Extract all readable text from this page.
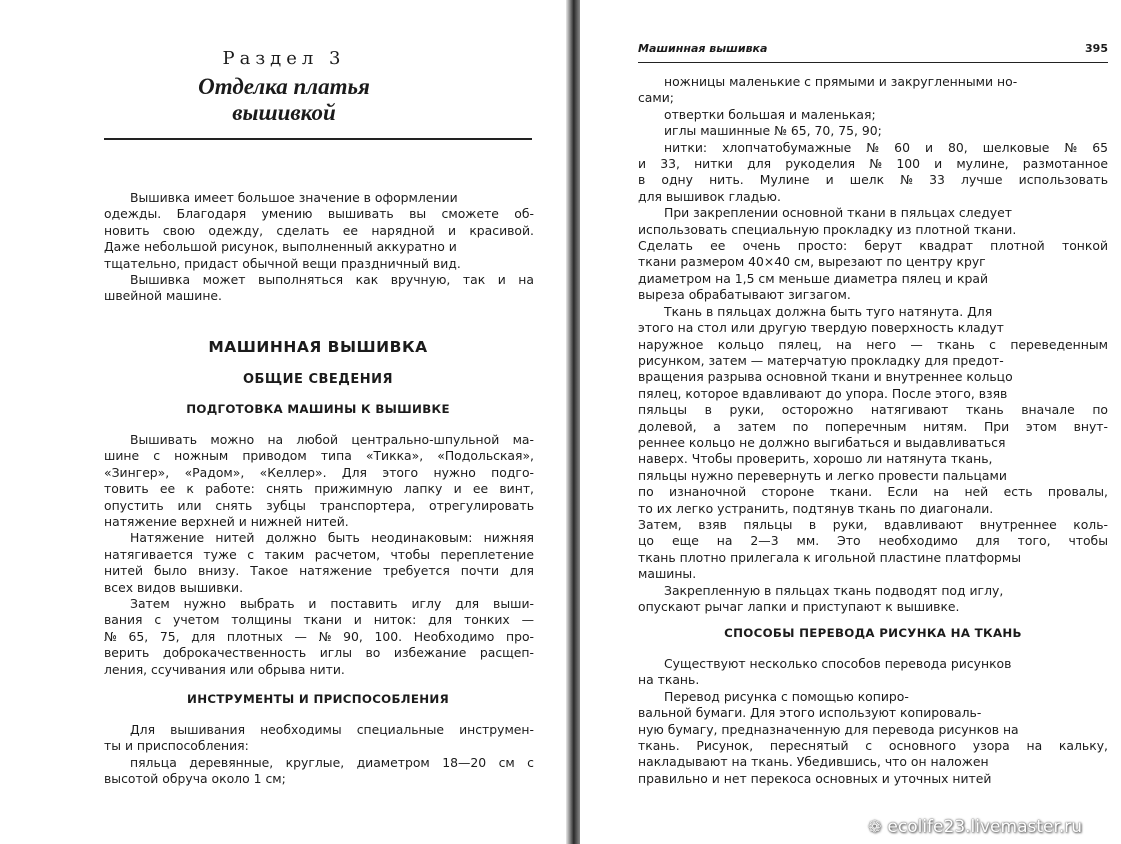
Раздел 3
Отделка платья
вышивкой

Вышивка имеет большое значение в оформлении
одежды. Благодаря умению вышивать вы сможете об-
новить свою одежду, сделать ее нарядной и красивой.
Даже небольшой рисунок, выполненный аккуратно и
тщательно, придаст обычной вещи праздничный вид.

Вышивка может выполняться как вручную, так и на
швейной машине.

МАШИННАЯ ВЫШИВКА
ОБЩИЕ СВЕДЕНИЯ
ПОДГОТОВКА МАШИНЫ К ВЫШИВКЕ

Вышивать можно на любой центрально-шпульной ма-
шине с ножным приводом типа «Тикка», «Подольская»,
«Зингер», «Радом», «Келлер». Для этого нужно подго-
товить ее к работе: снять прижимную лапку и ее винт,
опустить или снять зубцы транспортера, отрегулировать
натяжение верхней и нижней нитей.

Натяжение нитей должно быть неодинаковым: нижняя
натягивается туже с таким расчетом, чтобы переплетение
нитей было внизу. Такое натяжение требуется почти для
всех видов вышивки.

Затем нужно выбрать и поставить иглу для выши-
вания с учетом толщины ткани и ниток: для тонких —
№ 65, 75, для плотных — № 90, 100. Необходимо про-
верить доброкачественность иглы во избежание расщеп-
ления, ссучивания или обрыва нити.

ИНСТРУМЕНТЫ И ПРИСПОСОБЛЕНИЯ

Для вышивания необходимы специальные инструмен-
ты и приспособления:

пяльца деревянные, круглые, диаметром 18—20 см с
высотой обруча около 1 см;

Машинная вышивка	395

ножницы маленькие с прямыми и закругленными но-
сами;

отвертки большая и маленькая;

иглы машинные № 65, 70, 75, 90;

нитки: хлопчатобумажные № 60 и 80, шелковые № 65
и 33, нитки для рукоделия № 100 и мулине, размотанное
в одну нить. Мулине и шелк № 33 лучше использовать
для вышивок гладью.

При закреплении основной ткани в пяльцах следует
использовать специальную прокладку из плотной ткани.
Сделать ее очень просто: берут квадрат плотной тонкой
ткани размером 40×40 см, вырезают по центру круг
диаметром на 1,5 см меньше диаметра пялец и край
выреза обрабатывают зигзагом.

Ткань в пяльцах должна быть туго натянута. Для
этого на стол или другую твердую поверхность кладут
наружное кольцо пялец, на него — ткань с переведенным
рисунком, затем — матерчатую прокладку для предот-
вращения разрыва основной ткани и внутреннее кольцо
пялец, которое вдавливают до упора. После этого, взяв
пяльцы в руки, осторожно натягивают ткань вначале по
долевой, а затем по поперечным нитям. При этом внут-
реннее кольцо не должно выгибаться и выдавливаться
наверх. Чтобы проверить, хорошо ли натянута ткань,
пяльцы нужно перевернуть и легко провести пальцами
по изнаночной стороне ткани. Если на ней есть провалы,
то их легко устранить, подтянув ткань по диагонали.
Затем, взяв пяльцы в руки, вдавливают внутреннее коль-
цо еще на 2—3 мм. Это необходимо для того, чтобы
ткань плотно прилегала к игольной пластине платформы
машины.

Закрепленную в пяльцах ткань подводят под иглу,
опускают рычаг лапки и приступают к вышивке.

СПОСОБЫ ПЕРЕВОДА РИСУНКА НА ТКАНЬ

Существуют несколько способов перевода рисунков
на ткань.

Перевод рисунка с помощью копиро-
вальной бумаги. Для этого используют копироваль-
ную бумагу, предназначенную для перевода рисунков на
ткань. Рисунок, переснятый с основного узора на кальку,
накладывают на ткань. Убедившись, что он наложен
правильно и нет перекоса основных и уточных нитей

❁ ecolife23.livemaster.ru
